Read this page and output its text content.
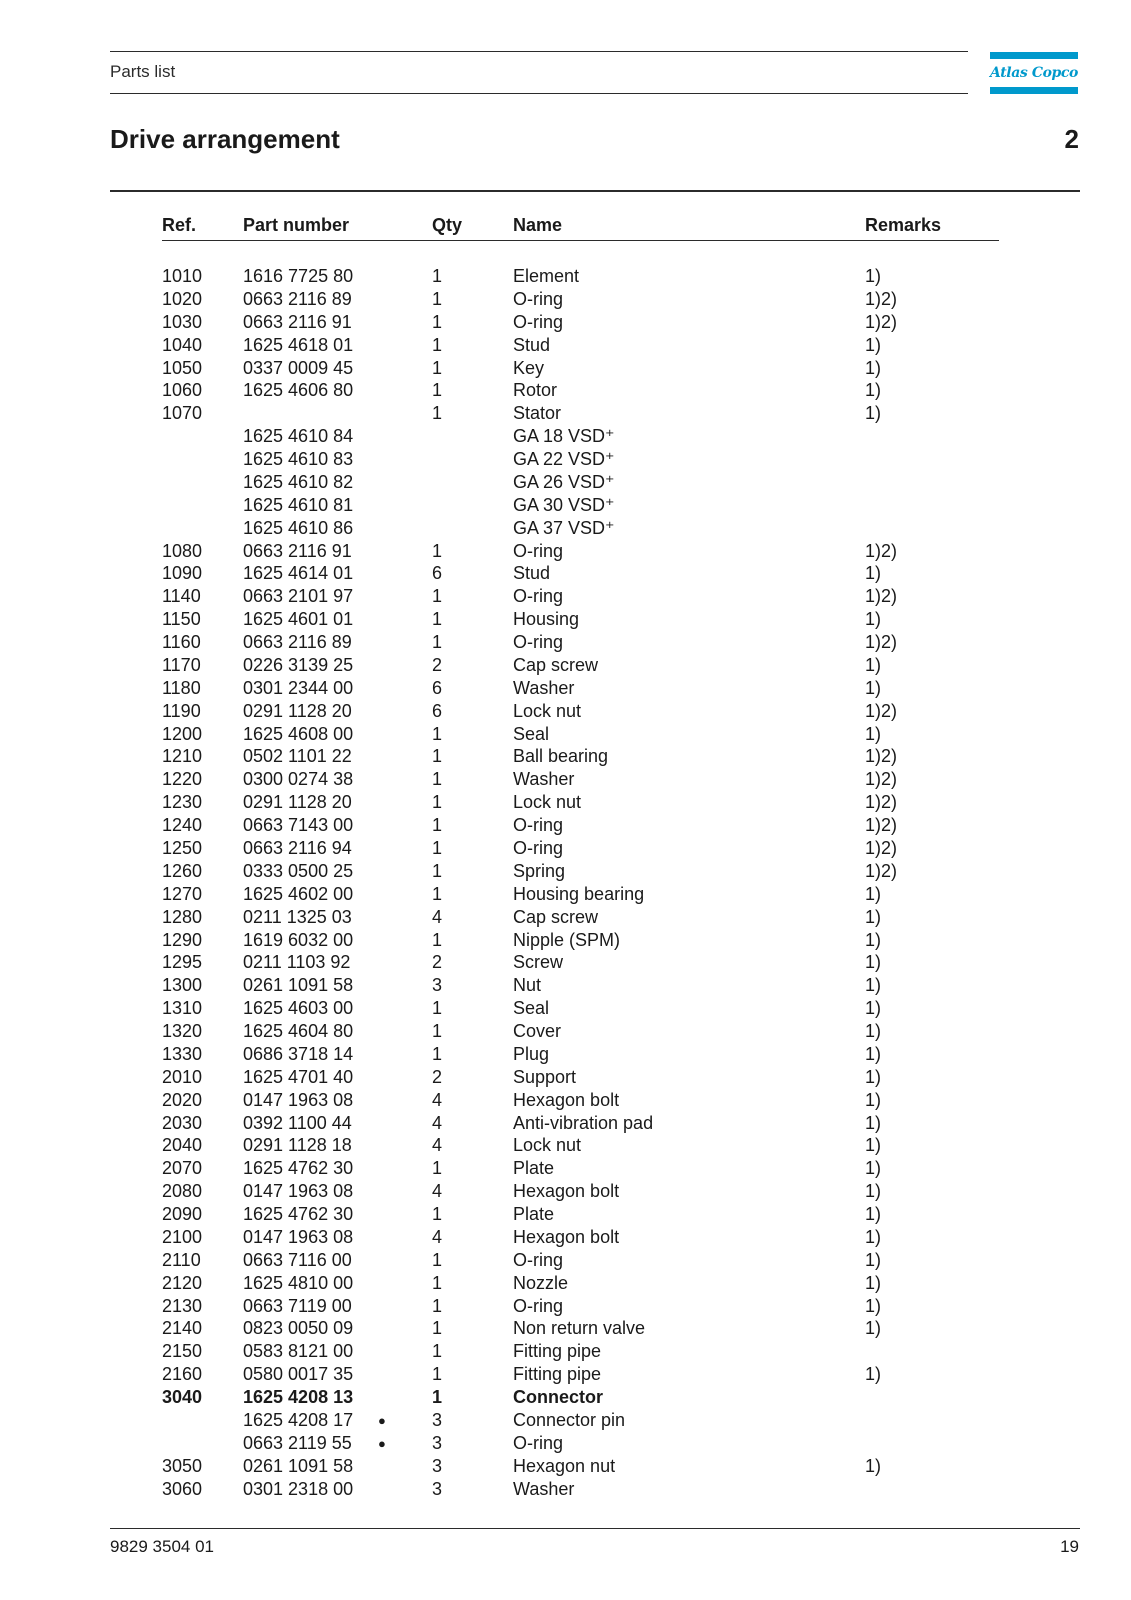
Parts list	Atlas Copco
Drive arrangement	2
Ref.	Part number	Qty	Name	Remarks
1010 1616 7725 80	1	Element	1)
1020 0663 2116 89	1	O-ring	1)2)
1030 0663 2116 91	1	O-ring	1)2)
1040 1625 4618 01	1	Stud	1)
1050 0337 0009 45	1	Key	1)
1060 1625 4606 80	1	Rotor	1)
1070	1	Stator	1)
1625 4610 84	GA 18 VSD⁺
1625 4610 83	GA 22 VSD⁺
1625 4610 82	GA 26 VSD⁺
1625 4610 81	GA 30 VSD⁺
1625 4610 86	GA 37 VSD⁺
1080 0663 2116 91	1	O-ring	1)2)
1090 1625 4614 01	6	Stud	1)
1140 0663 2101 97	1	O-ring	1)2)
1150 1625 4601 01	1	Housing	1)
1160 0663 2116 89	1	O-ring	1)2)
1170 0226 3139 25	2	Cap screw	1)
1180 0301 2344 00	6	Washer	1)
1190 0291 1128 20	6	Lock nut	1)2)
1200 1625 4608 00	1	Seal	1)
1210 0502 1101 22	1	Ball bearing	1)2)
1220 0300 0274 38	1	Washer	1)2)
1230 0291 1128 20	1	Lock nut	1)2)
1240 0663 7143 00	1	O-ring	1)2)
1250 0663 2116 94	1	O-ring	1)2)
1260 0333 0500 25	1	Spring	1)2)
1270 1625 4602 00	1	Housing bearing	1)
1280 0211 1325 03	4	Cap screw	1)
1290 1619 6032 00	1	Nipple (SPM)	1)
1295 0211 1103 92	2	Screw	1)
1300 0261 1091 58	3	Nut	1)
1310 1625 4603 00	1	Seal	1)
1320 1625 4604 80	1	Cover	1)
1330 0686 3718 14	1	Plug	1)
2010 1625 4701 40	2	Support	1)
2020 0147 1963 08	4	Hexagon bolt	1)
2030 0392 1100 44	4	Anti-vibration pad	1)
2040 0291 1128 18	4	Lock nut	1)
2070 1625 4762 30	1	Plate	1)
2080 0147 1963 08	4	Hexagon bolt	1)
2090 1625 4762 30	1	Plate	1)
2100 0147 1963 08	4	Hexagon bolt	1)
2110 0663 7116 00	1	O-ring	1)
2120 1625 4810 00	1	Nozzle	1)
2130 0663 7119 00	1	O-ring	1)
2140 0823 0050 09	1	Non return valve	1)
2150 0583 8121 00	1	Fitting pipe
2160 0580 0017 35	1	Fitting pipe	1)
3040 1625 4208 13	1	Connector
1625 4208 17 ●	3	Connector pin
0663 2119 55 ●	3	O-ring
3050 0261 1091 58	3	Hexagon nut	1)
3060 0301 2318 00	3	Washer
9829 3504 01	19
